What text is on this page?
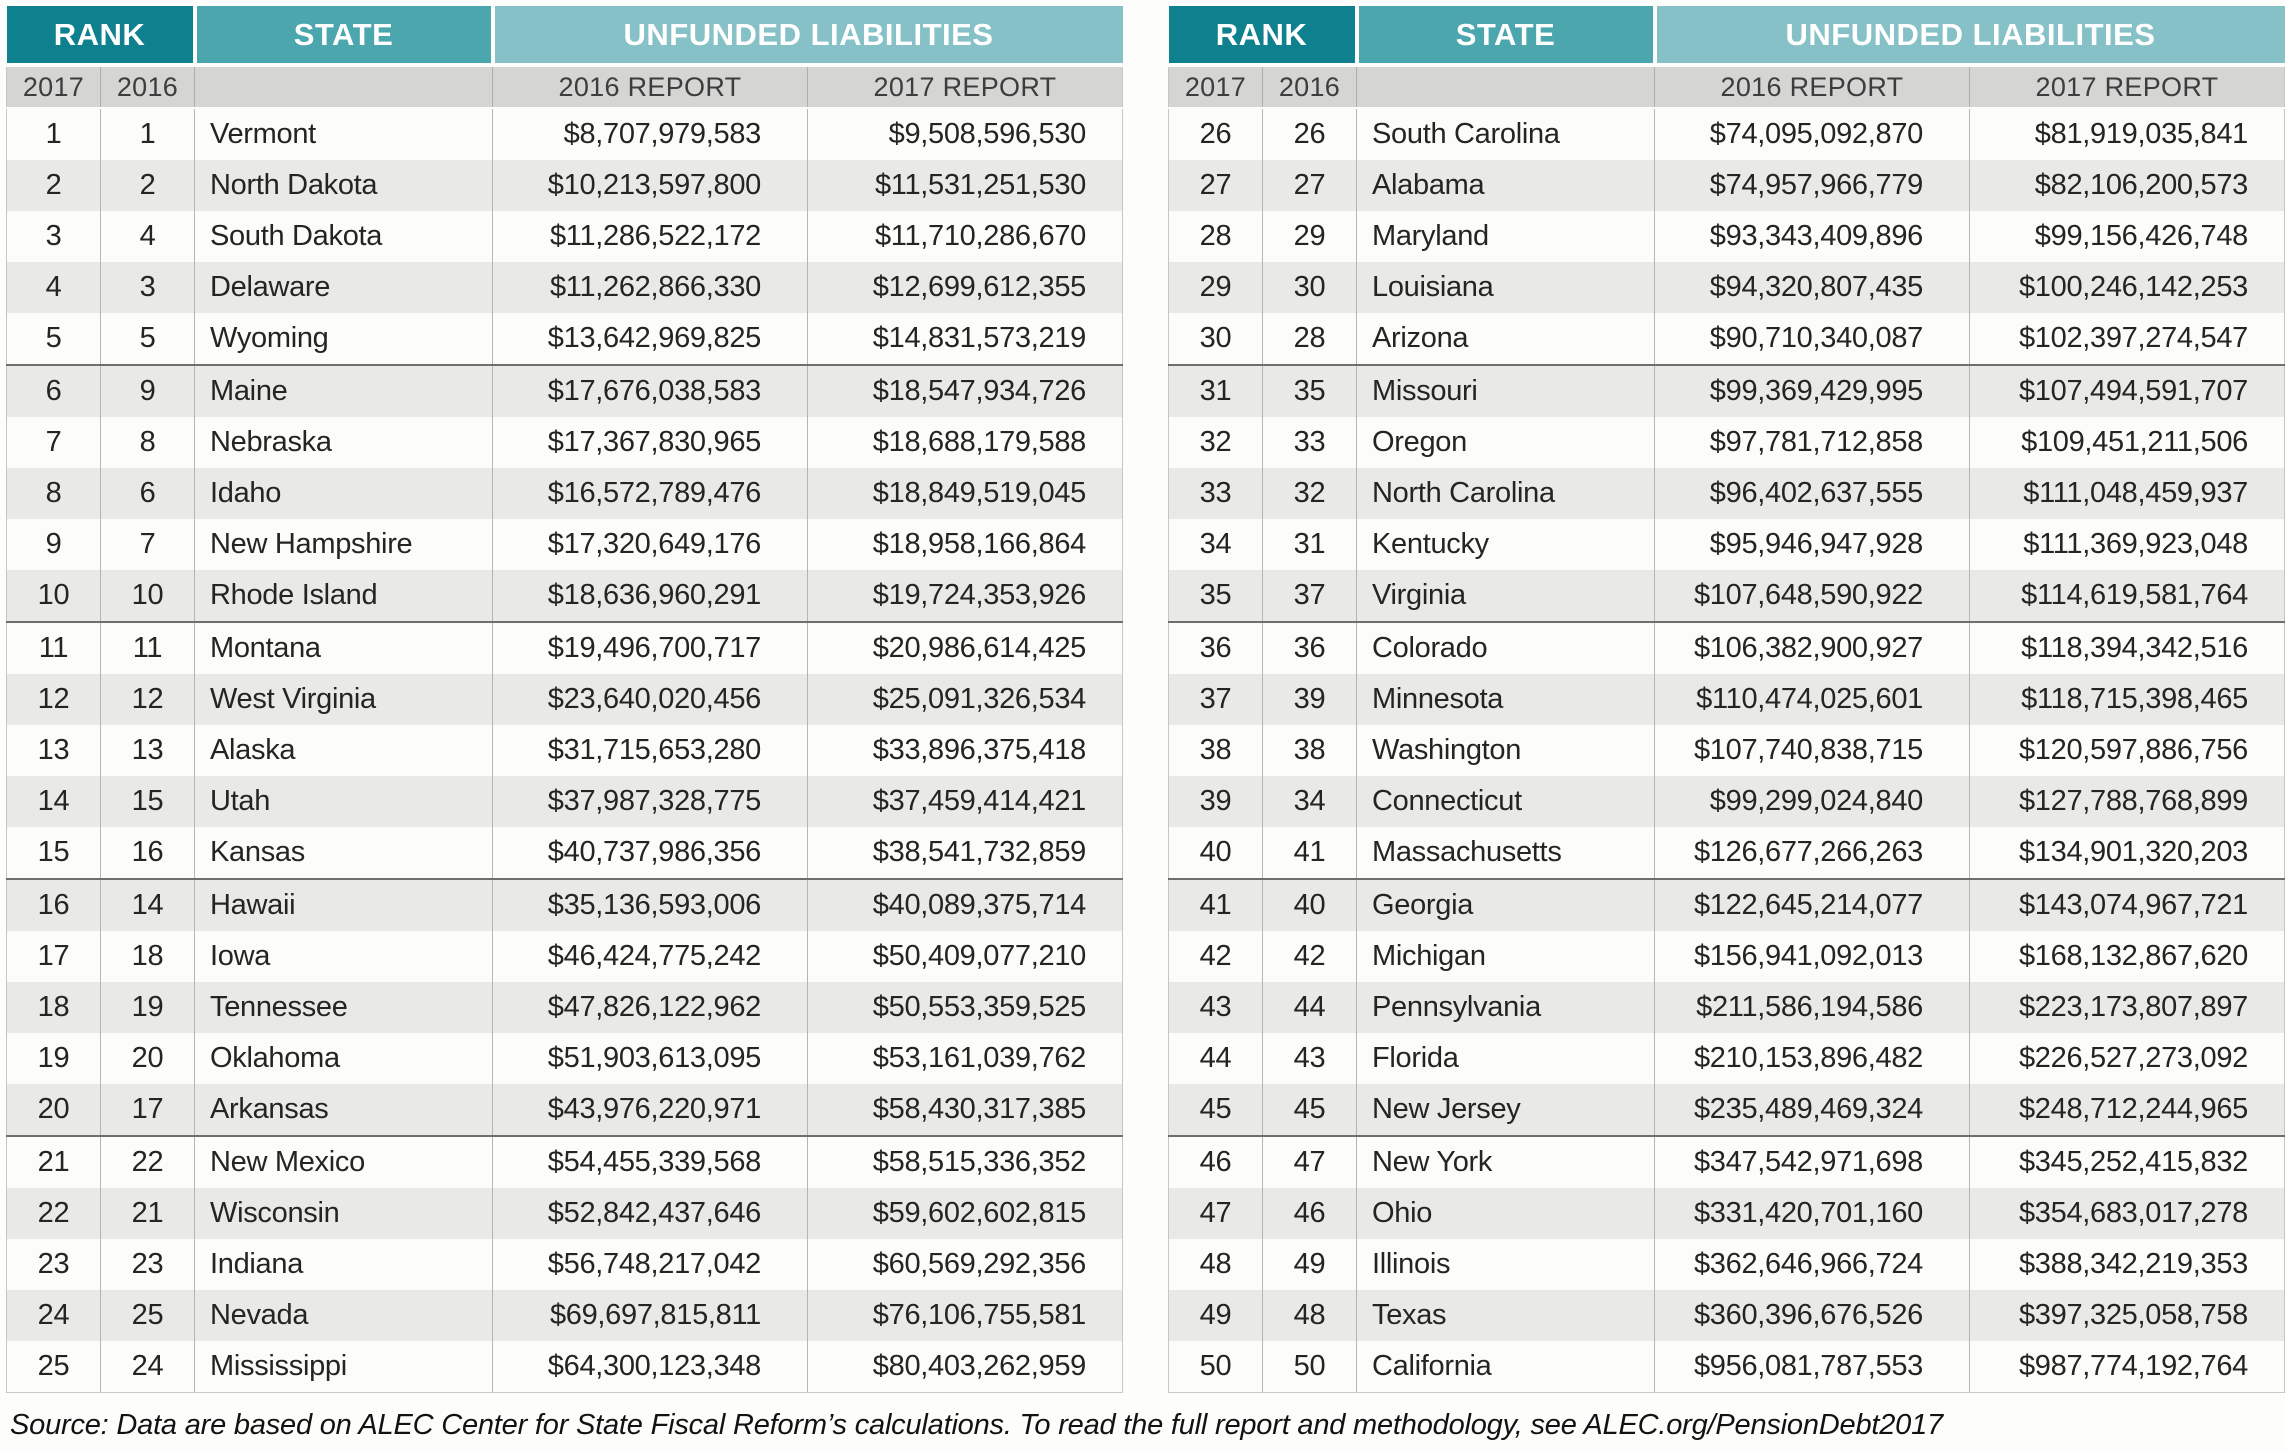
RANK		STATE	UNFUNDED LIABILITIES	
2017	2016		2016 REPORT	2017 REPORT
1	1	Vermont	$8,707,979,583	$9,508,596,530
2	2	North Dakota	$10,213,597,800	$11,531,251,530
3	4	South Dakota	$11,286,522,172	$11,710,286,670
4	3	Delaware	$11,262,866,330	$12,699,612,355
5	5	Wyoming	$13,642,969,825	$14,831,573,219
6	9	Maine	$17,676,038,583	$18,547,934,726
7	8	Nebraska	$17,367,830,965	$18,688,179,588
8	6	Idaho	$16,572,789,476	$18,849,519,045
9	7	New Hampshire	$17,320,649,176	$18,958,166,864
10	10	Rhode Island	$18,636,960,291	$19,724,353,926
11	11	Montana	$19,496,700,717	$20,986,614,425
12	12	West Virginia	$23,640,020,456	$25,091,326,534
13	13	Alaska	$31,715,653,280	$33,896,375,418
14	15	Utah	$37,987,328,775	$37,459,414,421
15	16	Kansas	$40,737,986,356	$38,541,732,859
16	14	Hawaii	$35,136,593,006	$40,089,375,714
17	18	Iowa	$46,424,775,242	$50,409,077,210
18	19	Tennessee	$47,826,122,962	$50,553,359,525
19	20	Oklahoma	$51,903,613,095	$53,161,039,762
20	17	Arkansas	$43,976,220,971	$58,430,317,385
21	22	New Mexico	$54,455,339,568	$58,515,336,352
22	21	Wisconsin	$52,842,437,646	$59,602,602,815
23	23	Indiana	$56,748,217,042	$60,569,292,356
24	25	Nevada	$69,697,815,811	$76,106,755,581
25	24	Mississippi	$64,300,123,348	$80,403,262,959
RANK		STATE	UNFUNDED LIABILITIES	
2017	2016		2016 REPORT	2017 REPORT
26	26	South Carolina	$74,095,092,870	$81,919,035,841
27	27	Alabama	$74,957,966,779	$82,106,200,573
28	29	Maryland	$93,343,409,896	$99,156,426,748
29	30	Louisiana	$94,320,807,435	$100,246,142,253
30	28	Arizona	$90,710,340,087	$102,397,274,547
31	35	Missouri	$99,369,429,995	$107,494,591,707
32	33	Oregon	$97,781,712,858	$109,451,211,506
33	32	North Carolina	$96,402,637,555	$111,048,459,937
34	31	Kentucky	$95,946,947,928	$111,369,923,048
35	37	Virginia	$107,648,590,922	$114,619,581,764
36	36	Colorado	$106,382,900,927	$118,394,342,516
37	39	Minnesota	$110,474,025,601	$118,715,398,465
38	38	Washington	$107,740,838,715	$120,597,886,756
39	34	Connecticut	$99,299,024,840	$127,788,768,899
40	41	Massachusetts	$126,677,266,263	$134,901,320,203
41	40	Georgia	$122,645,214,077	$143,074,967,721
42	42	Michigan	$156,941,092,013	$168,132,867,620
43	44	Pennsylvania	$211,586,194,586	$223,173,807,897
44	43	Florida	$210,153,896,482	$226,527,273,092
45	45	New Jersey	$235,489,469,324	$248,712,244,965
46	47	New York	$347,542,971,698	$345,252,415,832
47	46	Ohio	$331,420,701,160	$354,683,017,278
48	49	Illinois	$362,646,966,724	$388,342,219,353
49	48	Texas	$360,396,676,526	$397,325,058,758
50	50	California	$956,081,787,553	$987,774,192,764
Source: Data are based on ALEC Center for State Fiscal Reform’s calculations. To read the full report and methodology, see ALEC.org/PensionDebt2017
